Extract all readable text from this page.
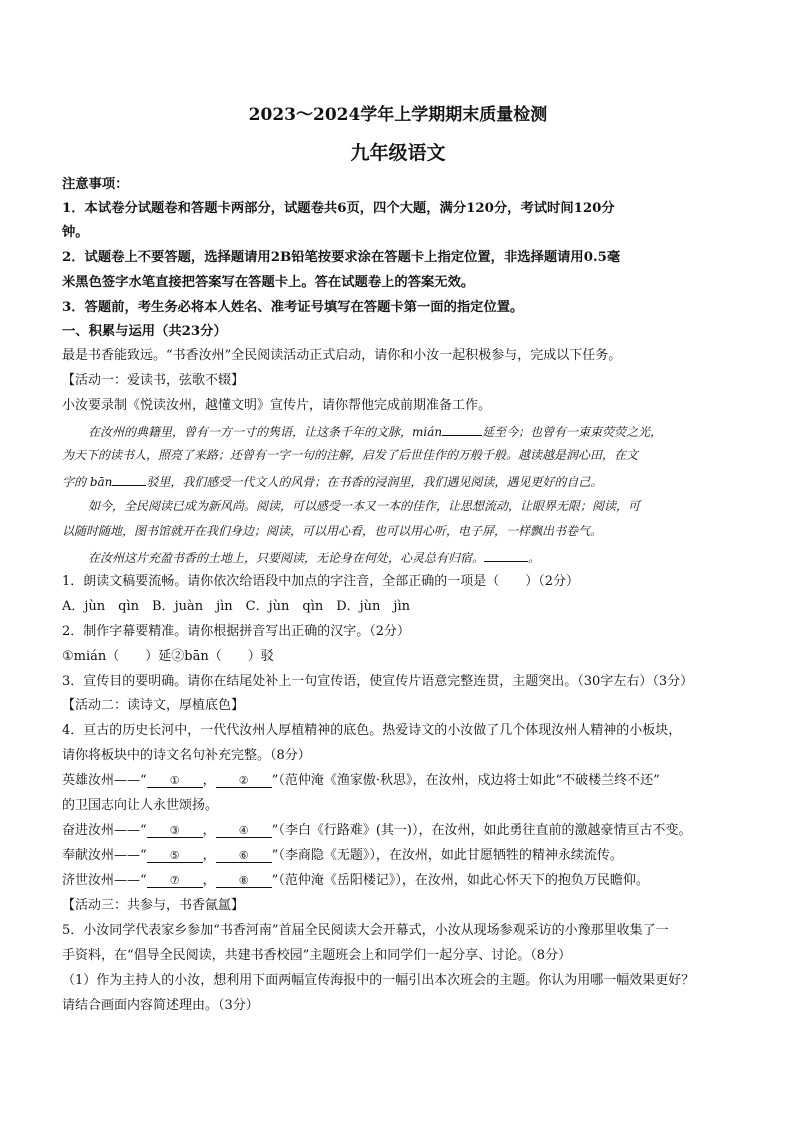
2023～2024学年上学期期末质量检测
九年级语文
注意事项：
1．本试卷分试题卷和答题卡两部分，试题卷共6页，四个大题，满分120分，考试时间120分
钟。
2．试题卷上不要答题，选择题请用2B铅笔按要求涂在答题卡上指定位置，非选择题请用0.5毫
米黑色签字水笔直接把答案写在答题卡上。答在试题卷上的答案无效。
3．答题前，考生务必将本人姓名、准考证号填写在答题卡第一面的指定位置。
一、积累与运用（共23分）
最是书香能致远。“书香汝州”全民阅读活动正式启动，请你和小汝一起积极参与，完成以下任务。
【活动一：爱读书，弦歌不辍】
小汝要录制《悦读汝州，越懂文明》宣传片，请你帮他完成前期准备工作。
在汝州的典籍里，曾有一方一寸的隽语，让这条千年的文脉，mián	延至今；也曾有一束束荧荧之光，
为天下的读书人，照亮了来路；还曾有一字一句的注解，启发了后世佳作的万般千般。越读越是润心田，在文
字的 bān	驳里，我们感受一代文人的风骨；在书香的浸润里，我们遇见阅读，遇见更好的自己。
如今，全民阅读已成为新风尚。阅读，可以感受一本又一本的佳作，让思想流动，让眼界无限；阅读，可
以随时随地，图书馆就开在我们身边；阅读，可以用心看，也可以用心听，电子屏，一样飘出书卷气。
在汝州这片充盈书香的土地上，只要阅读，无论身在何处，心灵总有归宿。	。
1．朗读文稿要流畅。请你依次给语段中加点的字注音，全部正确的一项是（　　）（2分）
A．jùn　qìn　B．juàn　jìn　C．jùn　qìn　D．jùn　jìn
2．制作字幕要精准。请你根据拼音写出正确的汉字。（2分）
①mián（　　）延②bān（　　）驳
3．宣传目的要明确。请你在结尾处补上一句宣传语，使宣传片语意完整连贯，主题突出。（30字左右）（3分）
【活动二：读诗文，厚植底色】
4．亘古的历史长河中，一代代汝州人厚植精神的底色。热爱诗文的小汝做了几个体现汝州人精神的小板块，
请你将板块中的诗文名句补充完整。（8分）
英雄汝州——“ ① ， ② ”（范仲淹《渔家傲·秋思》，在汝州，戍边将士如此“不破楼兰终不还”
的卫国志向让人永世颂扬。
奋进汝州——“ ③ ， ④ ”（李白《行路难》(其一)），在汝州，如此勇往直前的激越豪情亘古不变。
奉献汝州——“ ⑤ ， ⑥ ”（李商隐《无题》），在汝州，如此甘愿牺牲的精神永续流传。
济世汝州——“ ⑦ ， ⑧ ”（范仲淹《岳阳楼记》），在汝州，如此心怀天下的抱负万民瞻仰。
【活动三：共参与，书香氤氲】
5．小汝同学代表家乡参加“书香河南”首届全民阅读大会开幕式，小汝从现场参观采访的小豫那里收集了一
手资料，在“倡导全民阅读，共建书香校园”主题班会上和同学们一起分享、讨论。（8分）
（1）作为主持人的小汝，想利用下面两幅宣传海报中的一幅引出本次班会的主题。你认为用哪一幅效果更好？
请结合画面内容简述理由。（3分）
